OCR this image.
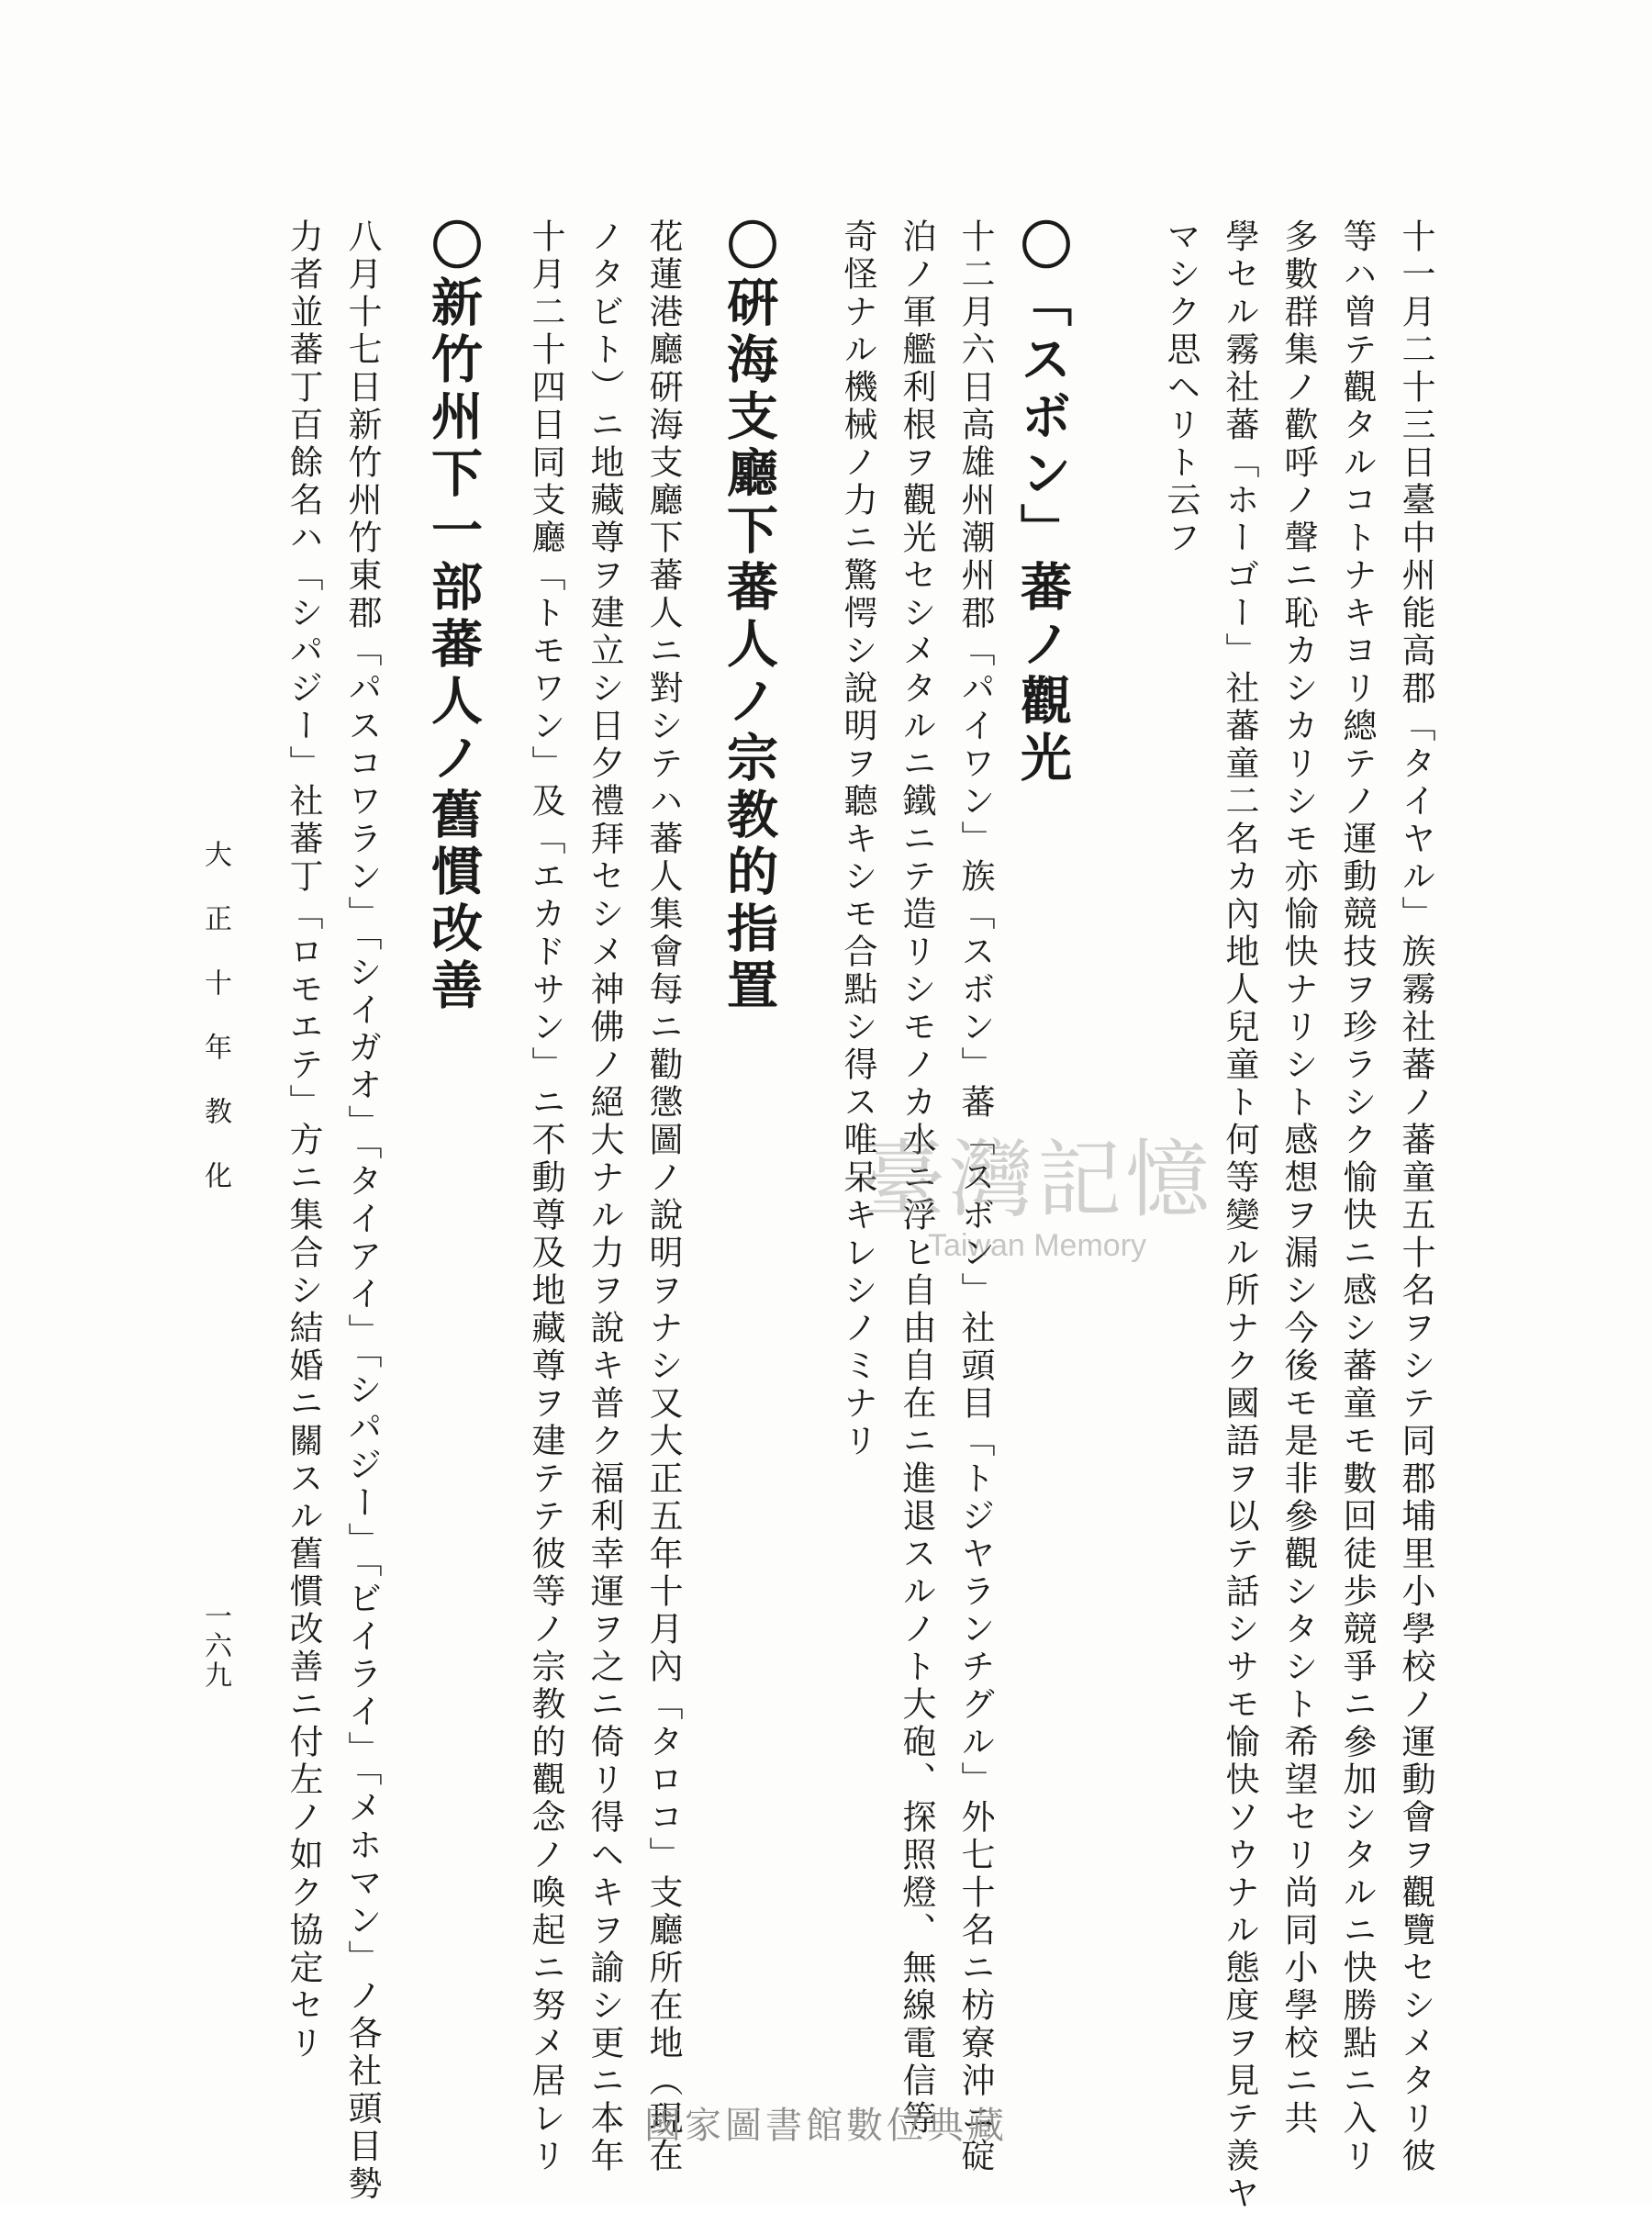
十一月二十三日臺中州能高郡「タイヤル」族霧社蕃ノ蕃童五十名ヲシテ同郡埔里小學校ノ運動會ヲ觀覽セシメタリ彼
等ハ曾テ觀タルコトナキヨリ總テノ運動競技ヲ珍ラシク愉快ニ感シ蕃童モ數回徒歩競爭ニ參加シタルニ快勝點ニ入リ
多數群集ノ歡呼ノ聲ニ恥カシカリシモ亦愉快ナリシト感想ヲ漏シ今後モ是非參觀シタシト希望セリ尚同小學校ニ共
學セル霧社蕃「ホーゴー」社蕃童二名カ內地人兒童ト何等變ル所ナク國語ヲ以テ話シサモ愉快ソウナル態度ヲ見テ羨ヤ
マシク思ヘリト云フ
〇「スボン」蕃ノ觀光
十二月六日高雄州潮州郡「パイワン」族「スボン」蕃「スボン」社頭目「トジヤランチグル」外七十名ニ枋寮沖ニ碇
泊ノ軍艦利根ヲ觀光セシメタルニ鐵ニテ造リシモノカ水ニ浮ヒ自由自在ニ進退スルノト大砲、探照燈、無線電信等
奇怪ナル機械ノ力ニ驚愕シ說明ヲ聽キシモ合點シ得ス唯呆キレシノミナリ
〇硏海支廳下蕃人ノ宗教的指置
花蓮港廳硏海支廳下蕃人ニ對シテハ蕃人集會每ニ勸懲圖ノ說明ヲナシ又大正五年十月內「タロコ」支廳所在地（現在
ノタビト）ニ地藏尊ヲ建立シ日夕禮拜セシメ神佛ノ絕大ナル力ヲ說キ普ク福利幸運ヲ之ニ倚リ得ヘキヲ諭シ更ニ本年
十月二十四日同支廳「トモワン」及「エカドサン」ニ不動尊及地藏尊ヲ建テテ彼等ノ宗教的觀念ノ喚起ニ努メ居レリ
〇新竹州下一部蕃人ノ舊慣改善
八月十七日新竹州竹東郡「パスコワラン」「シイガオ」「タイアイ」「シパジー」「ビイライ」「メホマン」ノ各社頭目勢
力者並蕃丁百餘名ハ「シパジー」社蕃丁「ロモエテ」方ニ集合シ結婚ニ關スル舊慣改善ニ付左ノ如ク協定セリ
大正十年教化
一六九
臺灣記憶
Taiwan Memory
國家圖書館數位典藏
